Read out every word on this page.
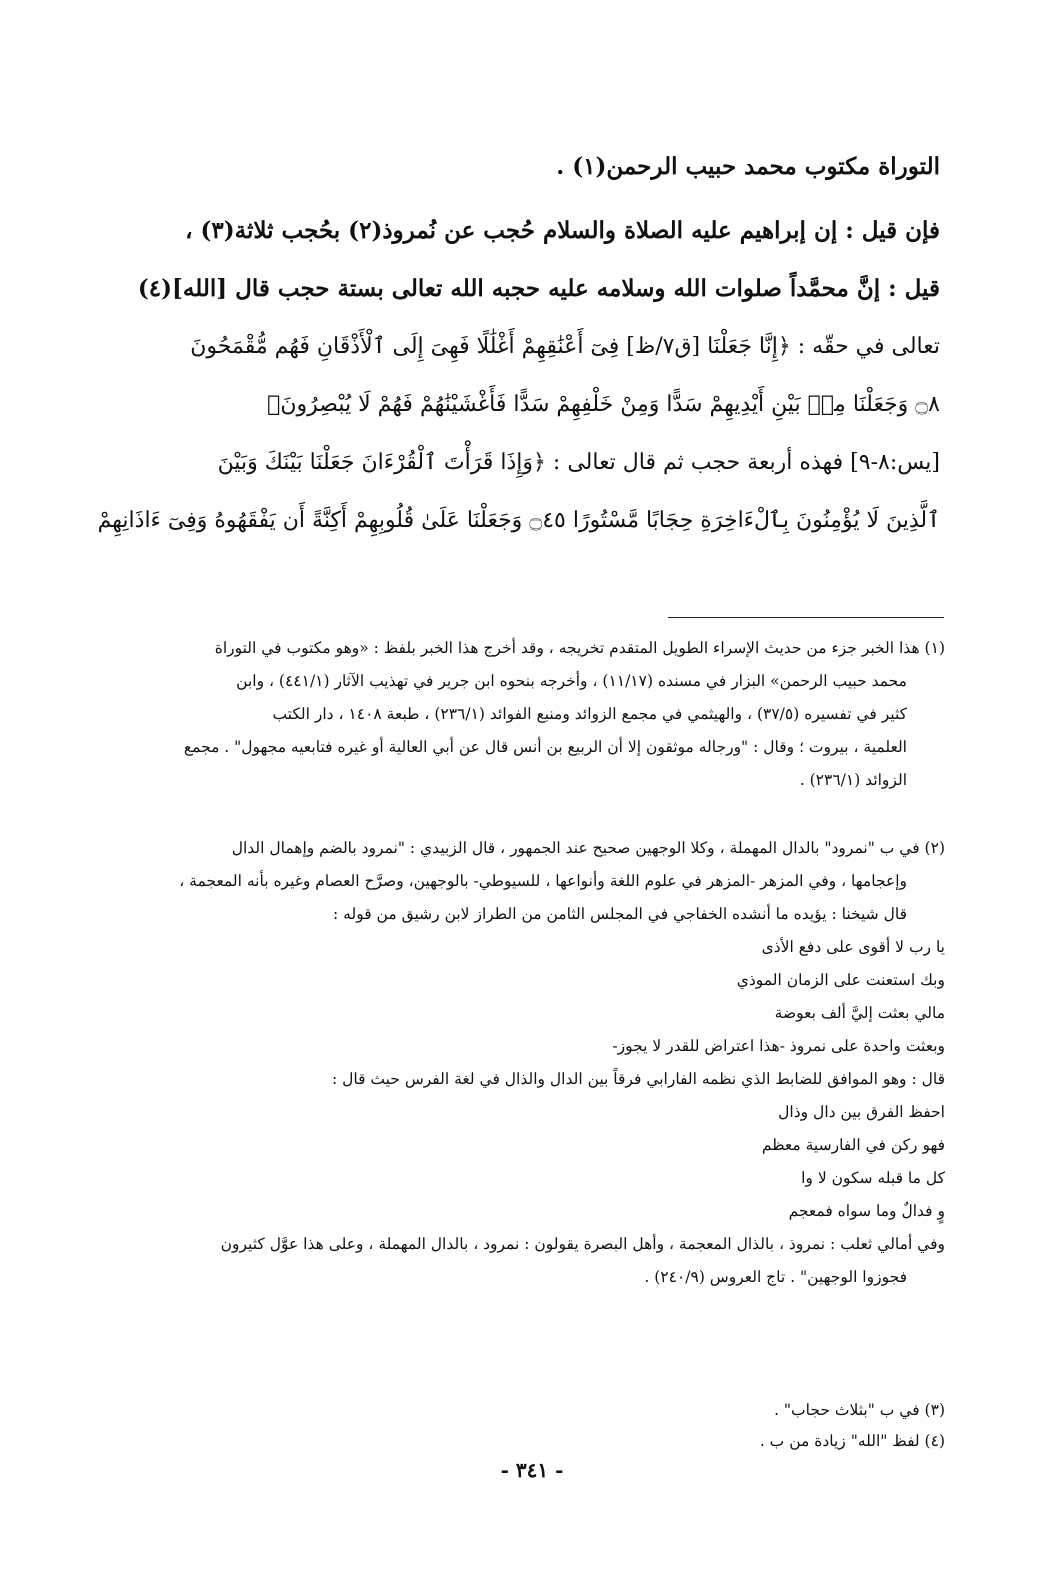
التوراة مكتوب محمد حبيب الرحمن(١) .
فإن قيل : إن إبراهيم عليه الصلاة والسلام حُجب عن نُمروذ(٢) بحُجب ثلاثة(٣) ،
قيل : إنَّ محمَّداً صلوات الله وسلامه عليه حجبه الله تعالى بستة حجب قال [الله](٤)
تعالى في حقّه : ﴿إِنَّا جَعَلْنَا [ق٧/ظ] فِىٓ أَعْنَٰقِهِمْ أَغْلَٰلًا فَهِىَ إِلَى ٱلْأَذْقَانِ فَهُم مُّقْمَحُونَ
۝٨ وَجَعَلْنَا مِنۢ بَيْنِ أَيْدِيهِمْ سَدًّا وَمِنْ خَلْفِهِمْ سَدًّا فَأَغْشَيْنَٰهُمْ فَهُمْ لَا يُبْصِرُونَ﴾
[يس:٨-٩] فهذه أربعة حجب ثم قال تعالى : ﴿وَإِذَا قَرَأْتَ ٱلْقُرْءَانَ جَعَلْنَا بَيْنَكَ وَبَيْنَ
ٱلَّذِينَ لَا يُؤْمِنُونَ بِٱلْءَاخِرَةِ حِجَابًا مَّسْتُورًا ۝٤٥ وَجَعَلْنَا عَلَىٰ قُلُوبِهِمْ أَكِنَّةً أَن يَفْقَهُوهُ وَفِىٓ ءَاذَانِهِمْ
(١) هذا الخبر جزء من حديث الإسراء الطويل المتقدم تخريجه ، وقد أخرج هذا الخبر بلفظ : «وهو مكتوب في التوراة
محمد حبيب الرحمن» البزار في مسنده (١١/١٧) ، وأخرجه بنحوه ابن جرير في تهذيب الآثار (٤٤١/١) ، وابن
كثير في تفسيره (٣٧/٥) ، والهيثمي في مجمع الزوائد ومنبع الفوائد (٢٣٦/١) ، طبعة ١٤٠٨ ، دار الكتب
العلمية ، بيروت ؛ وقال : "ورجاله موثقون إلا أن الربيع بن أنس قال عن أبي العالية أو غيره فتابعيه مجهول" . مجمع
الزوائد (٢٣٦/١) .
(٢) في ب "نمرود" بالدال المهملة ، وكلا الوجهين صحيح عند الجمهور ، قال الزبيدي : "نمرود بالضم وإهمال الدال
وإعجامها ، وفي المزهر -المزهر في علوم اللغة وأنواعها ، للسيوطي- بالوجهين، وصرَّح العصام وغيره بأنه المعجمة ،
قال شيخنا : يؤيده ما أنشده الخفاجي في المجلس الثامن من الطراز لابن رشيق من قوله :
يا رب لا أقوى على دفع الأذى
وبك استعنت على الزمان الموذي
مالي بعثت إليَّ ألف بعوضة
وبعثت واحدة على نمروذ -هذا اعتراض للقدر لا يجوز-
قال : وهو الموافق للضابط الذي نظمه الفارابي فرقاً بين الدال والذال في لغة الفرس حيث قال :
احفظ الفرق بين دال وذال
فهو ركن في الفارسية معظم
كل ما قبله سكون لا وا
وٍ فدالٌ وما سواه فمعجم
وفي أمالي ثعلب : نمروذ ، بالذال المعجمة ، وأهل البصرة يقولون : نمرود ، بالدال المهملة ، وعلى هذا عوَّل كثيرون
فجوزوا الوجهين" . تاج العروس (٢٤٠/٩) .
(٣) في ب "بثلاث حجاب" .
(٤) لفظ "الله" زيادة من ب .
- ٣٤١ -
